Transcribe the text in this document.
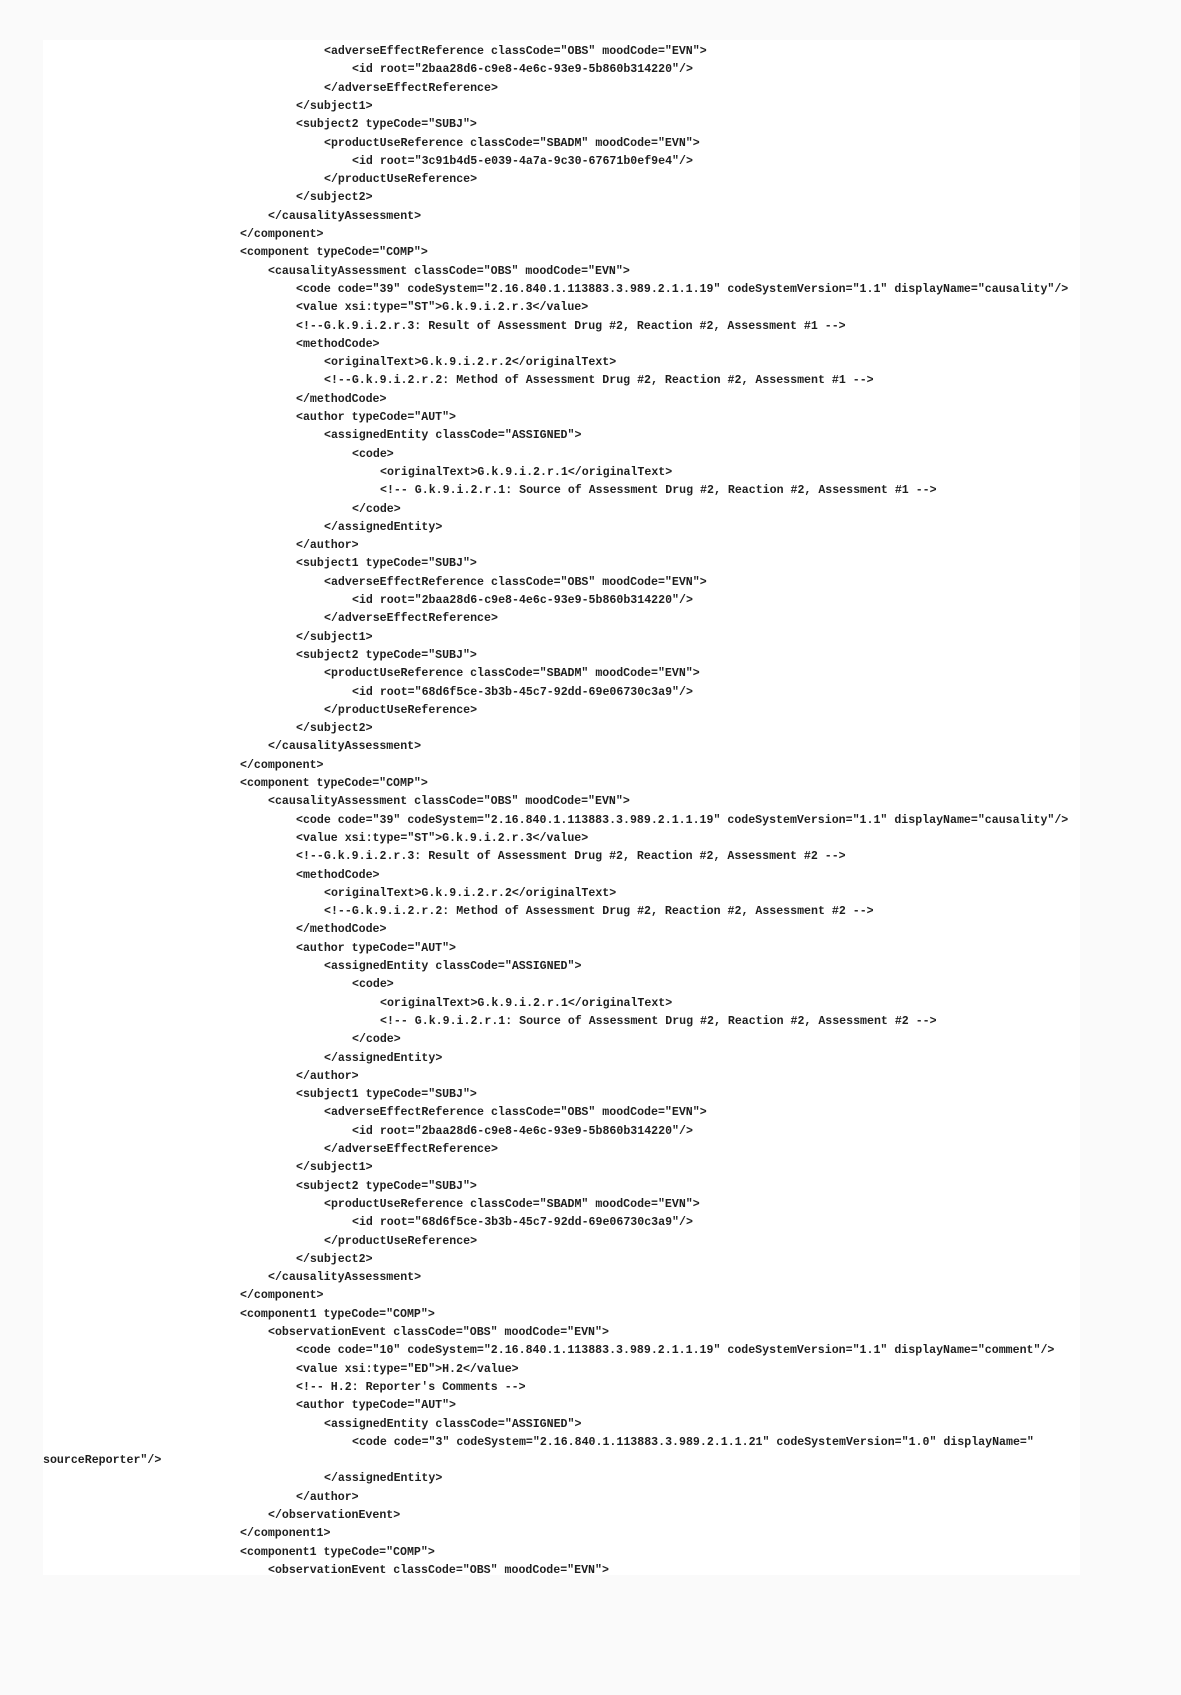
<adverseEffectReference classCode="OBS" moodCode="EVN">
<id root="2baa28d6-c9e8-4e6c-93e9-5b860b314220"/>
</adverseEffectReference>
</subject1>
<subject2 typeCode="SUBJ">
<productUseReference classCode="SBADM" moodCode="EVN">
<id root="3c91b4d5-e039-4a7a-9c30-67671b0ef9e4"/>
</productUseReference>
</subject2>
</causalityAssessment>
</component>
<component typeCode="COMP">
<causalityAssessment classCode="OBS" moodCode="EVN">
<code code="39" codeSystem="2.16.840.1.113883.3.989.2.1.1.19" codeSystemVersion="1.1" displayName="causality"/>
<value xsi:type="ST">G.k.9.i.2.r.3</value>
<!--G.k.9.i.2.r.3: Result of Assessment Drug #2, Reaction #2, Assessment #1 -->
<methodCode>
<originalText>G.k.9.i.2.r.2</originalText>
<!--G.k.9.i.2.r.2: Method of Assessment Drug #2, Reaction #2, Assessment #1 -->
</methodCode>
<author typeCode="AUT">
<assignedEntity classCode="ASSIGNED">
<code>
<originalText>G.k.9.i.2.r.1</originalText>
<!-- G.k.9.i.2.r.1: Source of Assessment Drug #2, Reaction #2, Assessment #1 -->
</code>
</assignedEntity>
</author>
<subject1 typeCode="SUBJ">
<adverseEffectReference classCode="OBS" moodCode="EVN">
<id root="2baa28d6-c9e8-4e6c-93e9-5b860b314220"/>
</adverseEffectReference>
</subject1>
<subject2 typeCode="SUBJ">
<productUseReference classCode="SBADM" moodCode="EVN">
<id root="68d6f5ce-3b3b-45c7-92dd-69e06730c3a9"/>
</productUseReference>
</subject2>
</causalityAssessment>
</component>
<component typeCode="COMP">
<causalityAssessment classCode="OBS" moodCode="EVN">
<code code="39" codeSystem="2.16.840.1.113883.3.989.2.1.1.19" codeSystemVersion="1.1" displayName="causality"/>
<value xsi:type="ST">G.k.9.i.2.r.3</value>
<!--G.k.9.i.2.r.3: Result of Assessment Drug #2, Reaction #2, Assessment #2 -->
<methodCode>
<originalText>G.k.9.i.2.r.2</originalText>
<!--G.k.9.i.2.r.2: Method of Assessment Drug #2, Reaction #2, Assessment #2 -->
</methodCode>
<author typeCode="AUT">
<assignedEntity classCode="ASSIGNED">
<code>
<originalText>G.k.9.i.2.r.1</originalText>
<!-- G.k.9.i.2.r.1: Source of Assessment Drug #2, Reaction #2, Assessment #2 -->
</code>
</assignedEntity>
</author>
<subject1 typeCode="SUBJ">
<adverseEffectReference classCode="OBS" moodCode="EVN">
<id root="2baa28d6-c9e8-4e6c-93e9-5b860b314220"/>
</adverseEffectReference>
</subject1>
<subject2 typeCode="SUBJ">
<productUseReference classCode="SBADM" moodCode="EVN">
<id root="68d6f5ce-3b3b-45c7-92dd-69e06730c3a9"/>
</productUseReference>
</subject2>
</causalityAssessment>
</component>
<component1 typeCode="COMP">
<observationEvent classCode="OBS" moodCode="EVN">
<code code="10" codeSystem="2.16.840.1.113883.3.989.2.1.1.19" codeSystemVersion="1.1" displayName="comment"/>
<value xsi:type="ED">H.2</value>
<!-- H.2: Reporter's Comments -->
<author typeCode="AUT">
<assignedEntity classCode="ASSIGNED">
<code code="3" codeSystem="2.16.840.1.113883.3.989.2.1.1.21" codeSystemVersion="1.0" displayName="
sourceReporter"/>
</assignedEntity>
</author>
</observationEvent>
</component1>
<component1 typeCode="COMP">
<observationEvent classCode="OBS" moodCode="EVN">
